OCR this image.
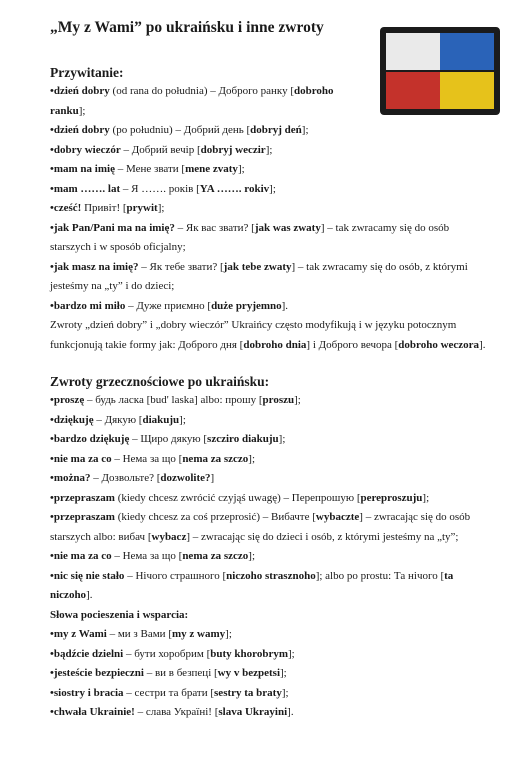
„My z Wami” po ukraińsku i inne zwroty
Przywitanie:
•dzień dobry (od rana do południa) – Доброго ранку [dobroho
ranku];
•dzień dobry (po południu) – Добрий день [dobryj deń];
•dobry wieczór – Добрий вечір [dobryj weczir];
•mam na imię – Мене звати [mene zvaty];
•mam ……. lat – Я ……. років [YA ……. rokiv];
•cześć! Привіт! [prywit];
•jak Pan/Pani ma na imię? – Як вас звати? [jak was zwaty] – tak zwracamy się do osób
starszych i w sposób oficjalny;
•jak masz na imię? – Як тебе звати? [jak tebe zwaty] – tak zwracamy się do osób, z którymi
jesteśmy na „ty” i do dzieci;
•bardzo mi miło – Дуже приємно [duże pryjemno].
Zwroty „dzień dobry” i „dobry wieczór” Ukraińcy często modyfikują i w języku potocznym
funkcjonują takie formy jak: Доброго дня [dobroho dnia] i Доброго вечора [dobroho weczora].
Zwroty grzecznościowe po ukraińsku:
•proszę – будь ласка [bud' laska] albo: прошу [proszu];
•dziękuję – Дякую [diakuju];
•bardzo dziękuję – Щиро дякую [szcziro diakuju];
•nie ma za co – Нема за що [nema za szczo];
•można? – Дозвольте? [dozwolite?]
•przepraszam (kiedy chcesz zwrócić czyjąś uwagę) – Перепрошую [pereproszuju];
•przepraszam (kiedy chcesz za coś przeprosić) – Вибачте [wybaczte] – zwracając się do osób
starszych albo: вибач [wybacz] – zwracając się do dzieci i osób, z którymi jesteśmy na „ty”;
•nie ma za co – Нема за що [nema za szczo];
•nic się nie stało – Нічого страшного [niczoho strasznoho]; albo po prostu: Та нічого [ta
niczoho].
Słowa pocieszenia i wsparcia:
•my z Wami – ми з Вами [my z wamy];
•bądźcie dzielni – бути хоробрим [buty khorobrym];
•jesteście bezpieczni – ви в безпеці [wy v bezpetsi];
•siostry i bracia – сестри та брати [sestry ta braty];
•chwała Ukrainie! – слава Україні! [slava Ukrayini].
